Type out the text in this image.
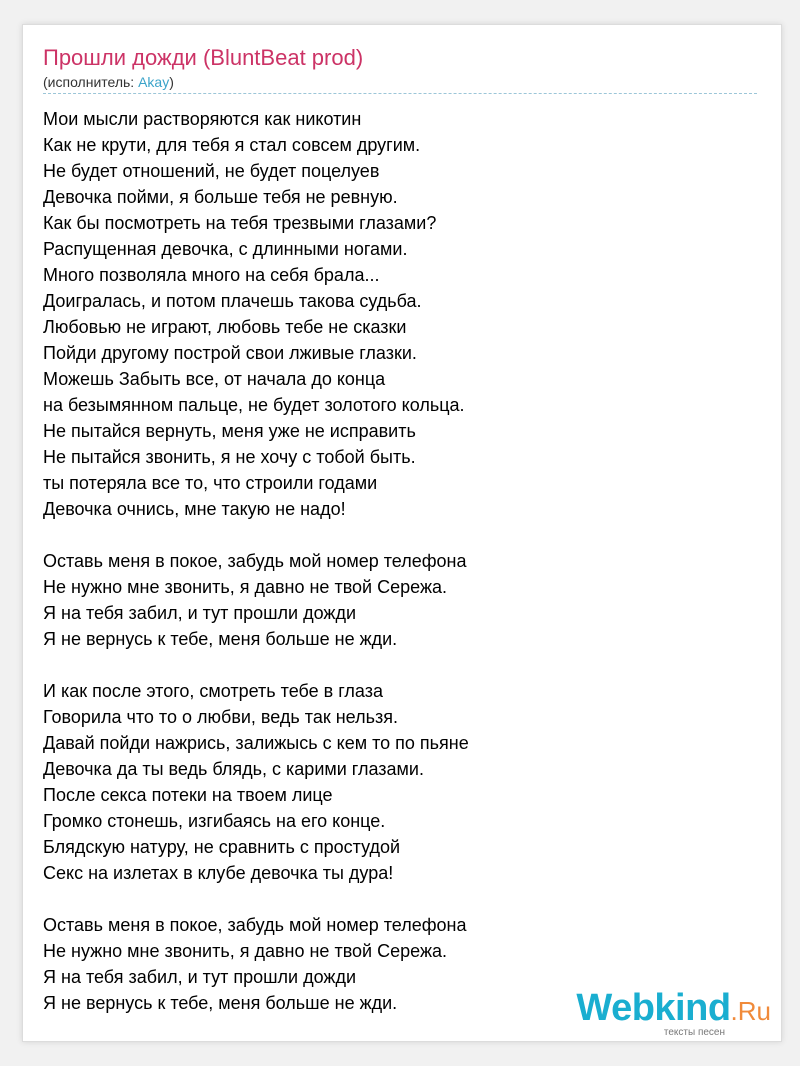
Прошли дожди (BluntBeat prod)
(исполнитель: Akay)
Мои мысли растворяются как никотин
Как не крути, для тебя я стал совсем другим.
Не будет отношений, не будет поцелуев
Девочка пойми, я больше тебя не ревную.
Как бы посмотреть на тебя трезвыми глазами?
Распущенная девочка, с длинными ногами.
Много позволяла много на себя брала...
Доигралась, и потом плачешь такова судьба.
Любовью не играют, любовь тебе не сказки
Пойди другому построй свои лживые глазки.
Можешь Забыть все, от начала до конца
на безымянном пальце, не будет золотого кольца.
Не пытайся вернуть, меня уже не исправить
Не пытайся звонить, я не хочу с тобой быть.
ты потеряла все то, что строили годами
Девочка очнись, мне такую не надо!
Оставь меня в покое, забудь мой номер телефона
Не нужно мне звонить, я давно не твой Сережа.
Я на тебя забил, и тут прошли дожди
Я не вернусь к тебе, меня больше не жди.
И как после этого, смотреть тебе в глаза
Говорила что то о любви, ведь так нельзя.
Давай пойди нажрись, залижысь с кем то по пьяне
Девочка да ты ведь блядь, с карими глазами.
После секса потеки на твоем лице
Громко стонешь, изгибаясь на его конце.
Блядскую натуру, не сравнить с простудой
Секс на излетах в клубе девочка ты дура!
Оставь меня в покое, забудь мой номер телефона
Не нужно мне звонить, я давно не твой Сережа.
Я на тебя забил, и тут прошли дожди
Я не вернусь к тебе, меня больше не жди.	Webkind.Ru
тексты песен
